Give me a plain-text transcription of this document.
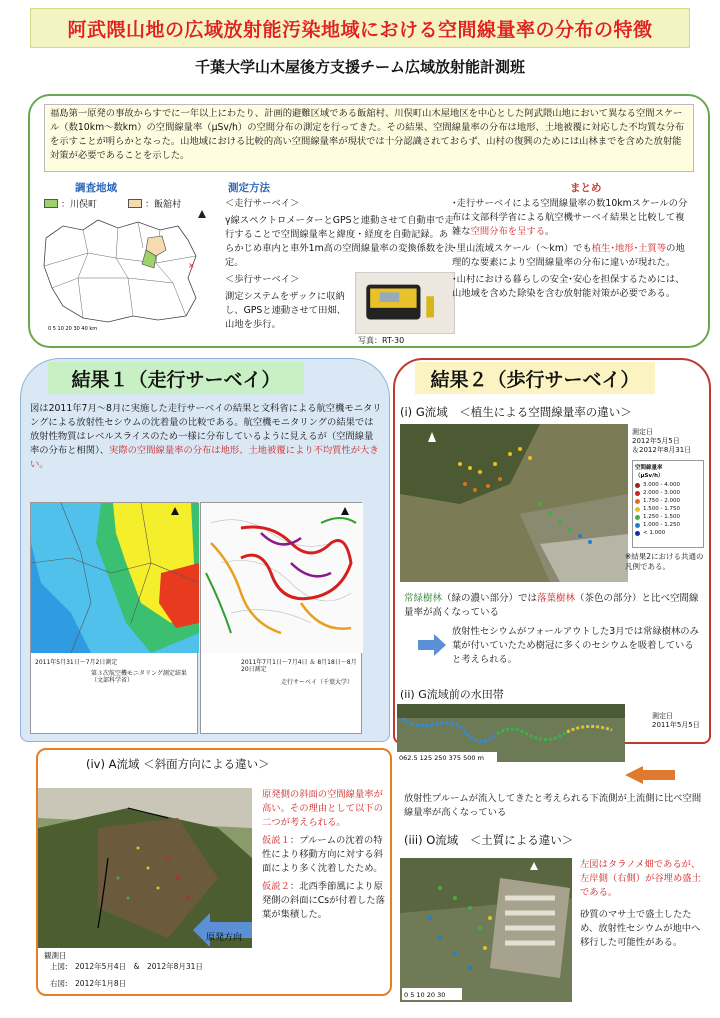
阿武隈山地の広域放射能汚染地域における空間線量率の分布の特徴
千葉大学山木屋後方支援チーム広域放射能計測班
福島第一原発の事故からすでに一年以上にわたり、計画的避難区域である飯舘村、川俣町山木屋地区を中心とした阿武隈山地において異なる空間スケール（数10km〜数km）の空間線量率（μSv/h）の空間分布の測定を行ってきた。その結果、空間線量率の分布は地形、土地被覆に対応した不均質な分布を示すことが明らかとなった。山地域における比較的高い空間線量率が現状では十分認識されておらず、山村の復興のためには山林までを含めた放射能対策が必要であることを示した。
調査地域
：川俣町	：飯舘村
×
0 5 10 20 30 40 km
測定方法

＜走行サーベイ＞

γ線スペクトロメーターとGPSと連動させて自動車で走行することで空間線量率と緯度・経度を自動記録。あらかじめ車内と車外1m高の空間線量率の変換係数を決定。

＜歩行サーベイ＞

測定システムをザックに収納し、GPSと連動させて田畑、山地を歩行。

写真：RT-30
まとめ

･走行サーベイによる空間線量率の数10kmスケールの分布は文部科学省による航空機サーベイ結果と比較して複雑な空間分布を呈する。

･里山流域スケール（〜km）でも植生･地形･土質等の地理的な要素により空間線量率の分布に違いが現れた。

･山村における暮らしの安全･安心を担保するためには、山地域を含めた除染を含む放射能対策が必要である。

結果１（走行サーベイ）
図は2011年7月〜8月に実施した走行サーベイの結果と文科省による航空機モニタリングによる放射性セシウムの沈着量の比較である。航空機モニタリングの結果では放射性物質はレベルスライスのため一様に分布しているように見えるが（空間線量率の分布と相関）、実際の空間線量率の分布は地形、土地被覆により不均質性が大きい。
2011年5月31日〜7月2日測定
第３次航空機モニタリング測定結果（文部科学省）
2011年7月1日〜7月4日 ＆ 8月18日〜8月20日測定
走行サーベイ（千葉大学）
結果２（歩行サーベイ）
(i) G流域　＜植生による空間線量率の違い＞
測定日
2012年5月5日
＆2012年8月31日
空間線量率
（μSv/h）
3.000 - 4.000
2.000 - 3.000
1.750 - 2.000
1.500 - 1.750
1.250 - 1.500
1.000 - 1.250
< 1.000
※結果2における共通の凡例である。
常緑樹林（緑の濃い部分）では落葉樹林（茶色の部分）と比べ空間線量率が高くなっている
放射性セシウムがフォールアウトした3月では常緑樹林のみ葉が付いていたため樹冠に多くのセシウムを吸着していると考えられる。
(ii) G流域前の水田帯
062.5 125 250 375 500 m
測定日
2011年5月5日
放射性プルームが流入してきたと考えられる下流側が上流側に比べ空間線量率が高くなっている
(iv) A流域 ＜斜面方向による違い＞
原発方向

原発側の斜面の空間線量率が高い。その理由として以下の二つが考えられる。

仮説１：プルームの沈着の特性により移動方向に対する斜面により多く沈着したため。

仮説２：北西季節風により原発側の斜面にCsが付着した落葉が集積した。

観測日
上図:　2012年5月4日　&　2012年8月31日
右図:　2012年1月8日
(iii) O流域　＜土質による違い＞
0 5 10 20 30

左図はタラノメ畑であるが、左岸側（右側）が谷埋め盛土である。

砂質のマサ土で盛土したため、放射性セシウムが地中へ移行した可能性がある。
